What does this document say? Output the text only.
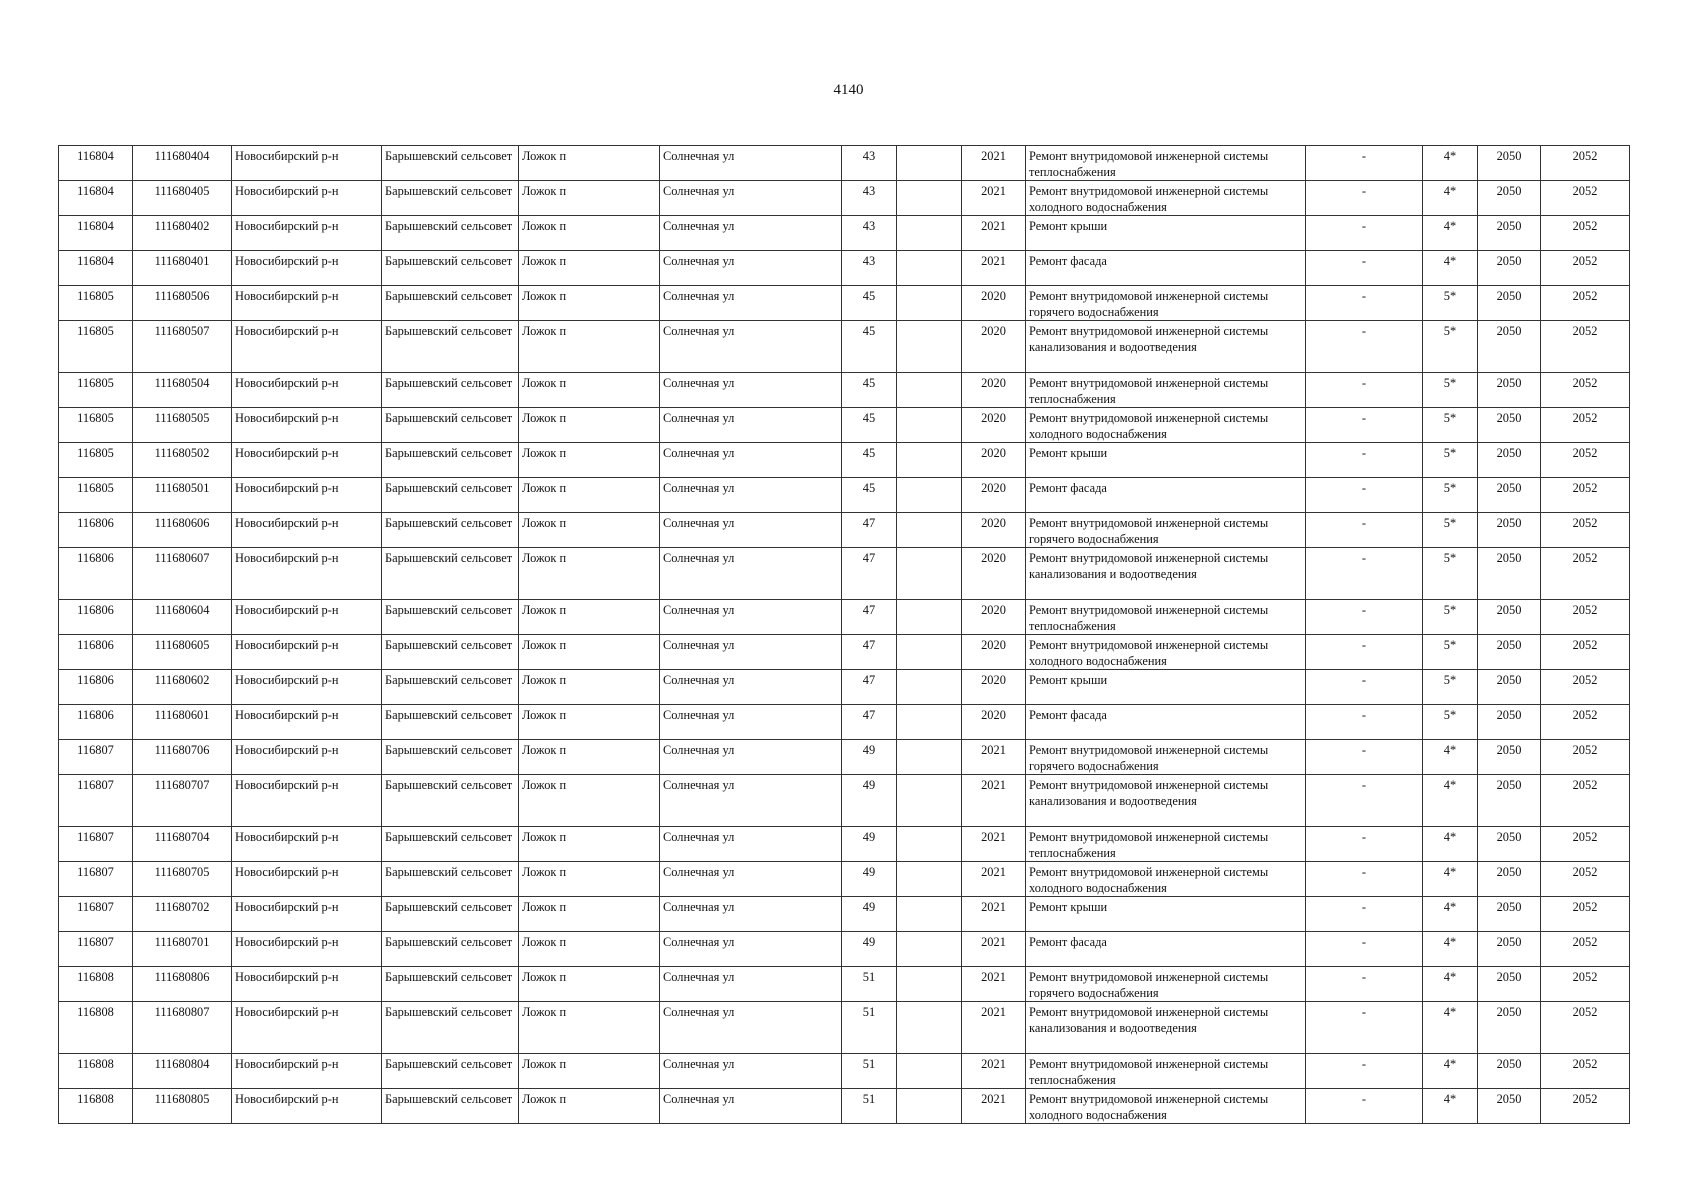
4140
116804	111680404	Новосибирский р-н	Барышевский сельсовет	Ложок п	Солнечная ул	43		2021	Ремонт внутридомовой инженерной системы теплоснабжения	-	4*	2050	2052
116804	111680405	Новосибирский р-н	Барышевский сельсовет	Ложок п	Солнечная ул	43		2021	Ремонт внутридомовой инженерной системы холодного водоснабжения	-	4*	2050	2052
116804	111680402	Новосибирский р-н	Барышевский сельсовет	Ложок п	Солнечная ул	43		2021	Ремонт крыши	-	4*	2050	2052
116804	111680401	Новосибирский р-н	Барышевский сельсовет	Ложок п	Солнечная ул	43		2021	Ремонт фасада	-	4*	2050	2052
116805	111680506	Новосибирский р-н	Барышевский сельсовет	Ложок п	Солнечная ул	45		2020	Ремонт внутридомовой инженерной системы горячего водоснабжения	-	5*	2050	2052
116805	111680507	Новосибирский р-н	Барышевский сельсовет	Ложок п	Солнечная ул	45		2020	Ремонт внутридомовой инженерной системы канализования и водоотведения	-	5*	2050	2052
116805	111680504	Новосибирский р-н	Барышевский сельсовет	Ложок п	Солнечная ул	45		2020	Ремонт внутридомовой инженерной системы теплоснабжения	-	5*	2050	2052
116805	111680505	Новосибирский р-н	Барышевский сельсовет	Ложок п	Солнечная ул	45		2020	Ремонт внутридомовой инженерной системы холодного водоснабжения	-	5*	2050	2052
116805	111680502	Новосибирский р-н	Барышевский сельсовет	Ложок п	Солнечная ул	45		2020	Ремонт крыши	-	5*	2050	2052
116805	111680501	Новосибирский р-н	Барышевский сельсовет	Ложок п	Солнечная ул	45		2020	Ремонт фасада	-	5*	2050	2052
116806	111680606	Новосибирский р-н	Барышевский сельсовет	Ложок п	Солнечная ул	47		2020	Ремонт внутридомовой инженерной системы горячего водоснабжения	-	5*	2050	2052
116806	111680607	Новосибирский р-н	Барышевский сельсовет	Ложок п	Солнечная ул	47		2020	Ремонт внутридомовой инженерной системы канализования и водоотведения	-	5*	2050	2052
116806	111680604	Новосибирский р-н	Барышевский сельсовет	Ложок п	Солнечная ул	47		2020	Ремонт внутридомовой инженерной системы теплоснабжения	-	5*	2050	2052
116806	111680605	Новосибирский р-н	Барышевский сельсовет	Ложок п	Солнечная ул	47		2020	Ремонт внутридомовой инженерной системы холодного водоснабжения	-	5*	2050	2052
116806	111680602	Новосибирский р-н	Барышевский сельсовет	Ложок п	Солнечная ул	47		2020	Ремонт крыши	-	5*	2050	2052
116806	111680601	Новосибирский р-н	Барышевский сельсовет	Ложок п	Солнечная ул	47		2020	Ремонт фасада	-	5*	2050	2052
116807	111680706	Новосибирский р-н	Барышевский сельсовет	Ложок п	Солнечная ул	49		2021	Ремонт внутридомовой инженерной системы горячего водоснабжения	-	4*	2050	2052
116807	111680707	Новосибирский р-н	Барышевский сельсовет	Ложок п	Солнечная ул	49		2021	Ремонт внутридомовой инженерной системы канализования и водоотведения	-	4*	2050	2052
116807	111680704	Новосибирский р-н	Барышевский сельсовет	Ложок п	Солнечная ул	49		2021	Ремонт внутридомовой инженерной системы теплоснабжения	-	4*	2050	2052
116807	111680705	Новосибирский р-н	Барышевский сельсовет	Ложок п	Солнечная ул	49		2021	Ремонт внутридомовой инженерной системы холодного водоснабжения	-	4*	2050	2052
116807	111680702	Новосибирский р-н	Барышевский сельсовет	Ложок п	Солнечная ул	49		2021	Ремонт крыши	-	4*	2050	2052
116807	111680701	Новосибирский р-н	Барышевский сельсовет	Ложок п	Солнечная ул	49		2021	Ремонт фасада	-	4*	2050	2052
116808	111680806	Новосибирский р-н	Барышевский сельсовет	Ложок п	Солнечная ул	51		2021	Ремонт внутридомовой инженерной системы горячего водоснабжения	-	4*	2050	2052
116808	111680807	Новосибирский р-н	Барышевский сельсовет	Ложок п	Солнечная ул	51		2021	Ремонт внутридомовой инженерной системы канализования и водоотведения	-	4*	2050	2052
116808	111680804	Новосибирский р-н	Барышевский сельсовет	Ложок п	Солнечная ул	51		2021	Ремонт внутридомовой инженерной системы теплоснабжения	-	4*	2050	2052
116808	111680805	Новосибирский р-н	Барышевский сельсовет	Ложок п	Солнечная ул	51		2021	Ремонт внутридомовой инженерной системы холодного водоснабжения	-	4*	2050	2052
